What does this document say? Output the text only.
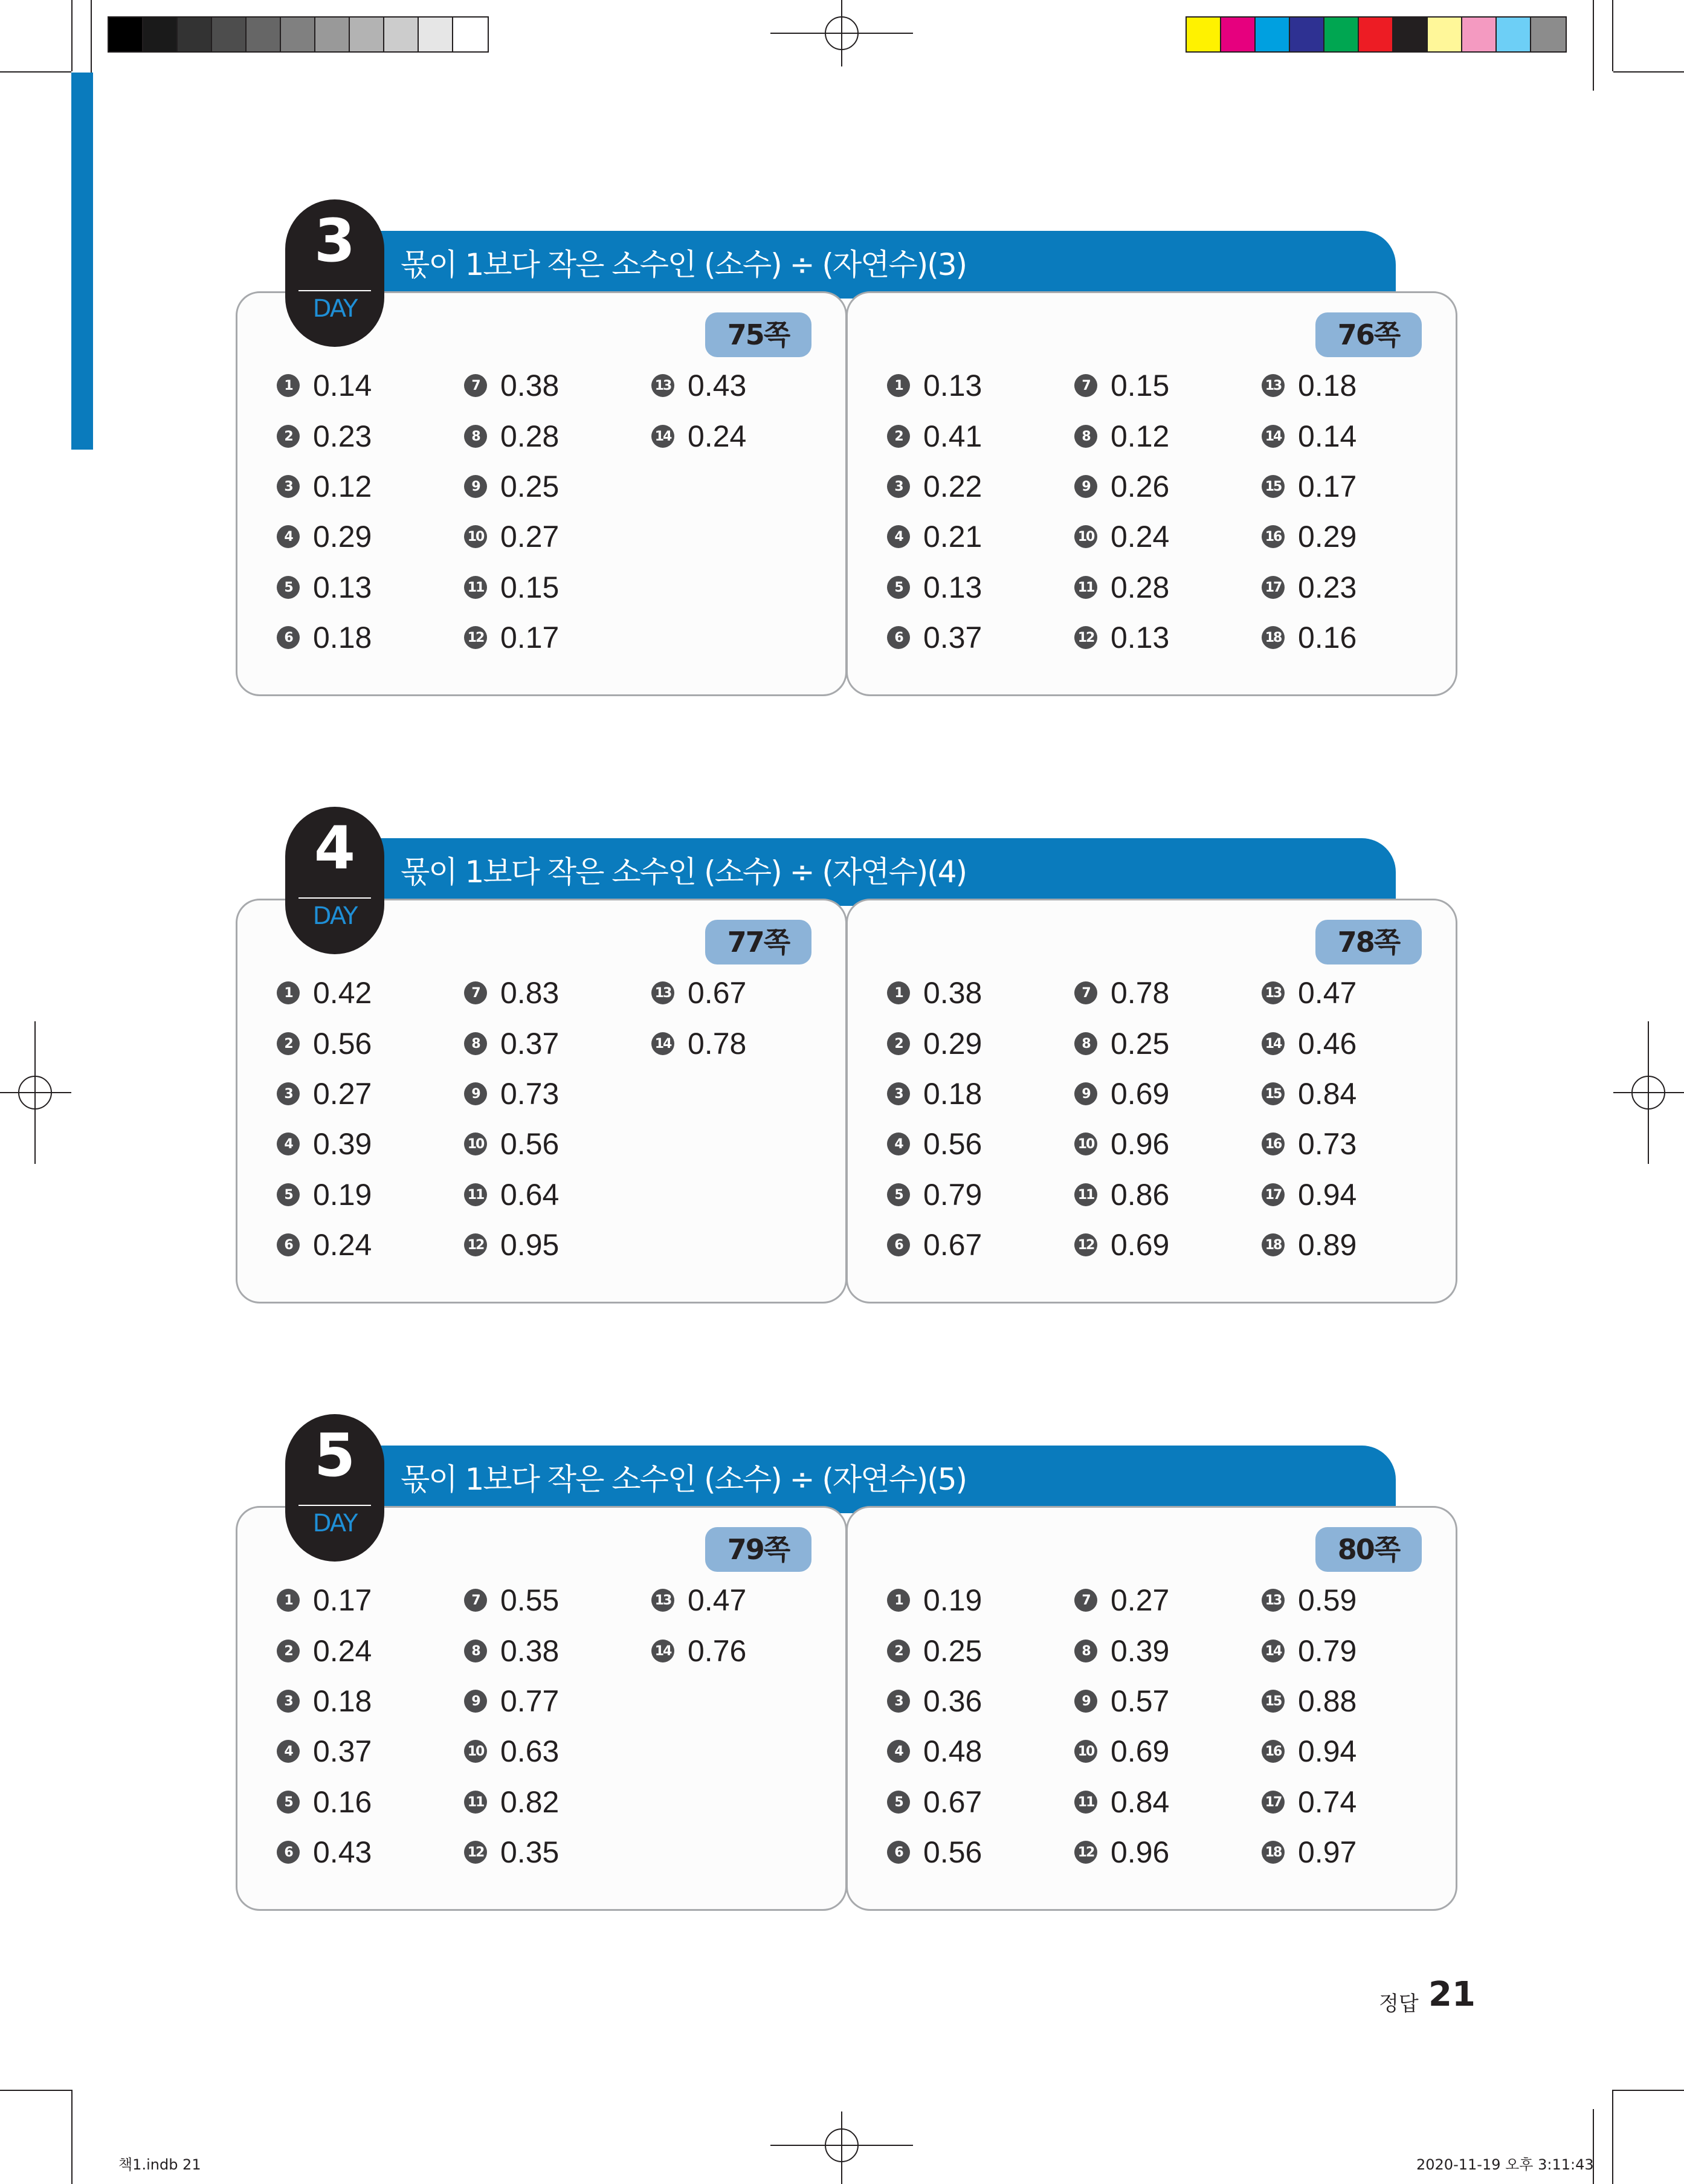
몫이 1보다 작은 소수인 (소수) ÷ (자연수)(3)
3
DAY
75쪽
1 0.14
2 0.23
3 0.12
4 0.29
5 0.13
6 0.18
7 0.38
8 0.28
9 0.25
10 0.27
11 0.15
12 0.17
13 0.43
14 0.24
76쪽
1 0.13
2 0.41
3 0.22
4 0.21
5 0.13
6 0.37
7 0.15
8 0.12
9 0.26
10 0.24
11 0.28
12 0.13
13 0.18
14 0.14
15 0.17
16 0.29
17 0.23
18 0.16
몫이 1보다 작은 소수인 (소수) ÷ (자연수)(4)
4
DAY
77쪽
1 0.42
2 0.56
3 0.27
4 0.39
5 0.19
6 0.24
7 0.83
8 0.37
9 0.73
10 0.56
11 0.64
12 0.95
13 0.67
14 0.78
78쪽
1 0.38
2 0.29
3 0.18
4 0.56
5 0.79
6 0.67
7 0.78
8 0.25
9 0.69
10 0.96
11 0.86
12 0.69
13 0.47
14 0.46
15 0.84
16 0.73
17 0.94
18 0.89
몫이 1보다 작은 소수인 (소수) ÷ (자연수)(5)
5
DAY
79쪽
1 0.17
2 0.24
3 0.18
4 0.37
5 0.16
6 0.43
7 0.55
8 0.38
9 0.77
10 0.63
11 0.82
12 0.35
13 0.47
14 0.76
80쪽
1 0.19
2 0.25
3 0.36
4 0.48
5 0.67
6 0.56
7 0.27
8 0.39
9 0.57
10 0.69
11 0.84
12 0.96
13 0.59
14 0.79
15 0.88
16 0.94
17 0.74
18 0.97
정답 21
책1.indb 21	2020-11-19 오후 3:11:43
